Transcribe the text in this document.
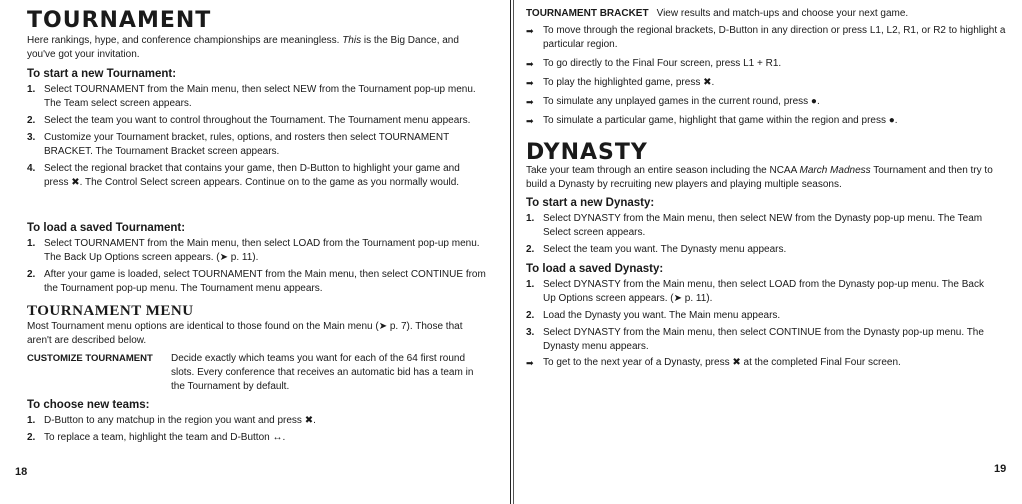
TOURNAMENT
Here rankings, hype, and conference championships are meaningless. This is the Big Dance, and you've got your invitation.
To start a new Tournament:
1. Select TOURNAMENT from the Main menu, then select NEW from the Tournament pop-up menu. The Team select screen appears.
2. Select the team you want to control throughout the Tournament. The Tournament menu appears.
3. Customize your Tournament bracket, rules, options, and rosters then select TOURNAMENT BRACKET. The Tournament Bracket screen appears.
4. Select the regional bracket that contains your game, then D-Button to highlight your game and press ✖. The Control Select screen appears. Continue on to the game as you normally would.
To load a saved Tournament:
1. Select TOURNAMENT from the Main menu, then select LOAD from the Tournament pop-up menu. The Back Up Options screen appears. (➤ p. 11).
2. After your game is loaded, select TOURNAMENT from the Main menu, then select CONTINUE from the Tournament pop-up menu. The Tournament menu appears.
TOURNAMENT MENU
Most Tournament menu options are identical to those found on the Main menu (➤ p. 7). Those that aren't are described below.
CUSTOMIZE TOURNAMENT Decide exactly which teams you want for each of the 64 first round slots. Every conference that receives an automatic bid has a team in the Tournament by default.
To choose new teams:
1. D-Button to any matchup in the region you want and press ✖.
2. To replace a team, highlight the team and D-Button ↔.
18
TOURNAMENT BRACKET View results and match-ups and choose your next game.
➡ To move through the regional brackets, D-Button in any direction or press L1, L2, R1, or R2 to highlight a particular region.
➡ To go directly to the Final Four screen, press L1 + R1.
➡ To play the highlighted game, press ✖.
➡ To simulate any unplayed games in the current round, press ●.
➡ To simulate a particular game, highlight that game within the region and press ●.
DYNASTY
Take your team through an entire season including the NCAA March Madness Tournament and then try to build a Dynasty by recruiting new players and playing multiple seasons.
To start a new Dynasty:
1. Select DYNASTY from the Main menu, then select NEW from the Dynasty pop-up menu. The Team Select screen appears.
2. Select the team you want. The Dynasty menu appears.
To load a saved Dynasty:
1. Select DYNASTY from the Main menu, then select LOAD from the Dynasty pop-up menu. The Back Up Options screen appears. (➤ p. 11).
2. Load the Dynasty you want. The Main menu appears.
3. Select DYNASTY from the Main menu, then select CONTINUE from the Dynasty pop-up menu. The Dynasty menu appears.
➡ To get to the next year of a Dynasty, press ✖ at the completed Final Four screen.
19
